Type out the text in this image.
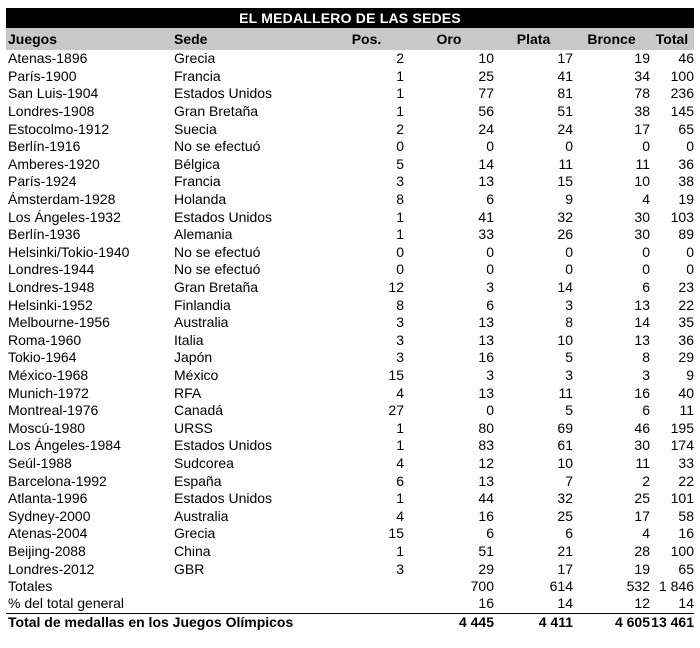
EL MEDALLERO DE LAS SEDES
Juegos	Sede	Pos.	Oro	Plata	Bronce	Total
Atenas-1896	Grecia	2	10	17	19	46
París-1900	Francia	1	25	41	34	100
San Luis-1904	Estados Unidos	1	77	81	78	236
Londres-1908	Gran Bretaña	1	56	51	38	145
Estocolmo-1912	Suecia	2	24	24	17	65
Berlín-1916	No se efectuó	0	0	0	0	0
Amberes-1920	Bélgica	5	14	11	11	36
París-1924	Francia	3	13	15	10	38
Ámsterdam-1928	Holanda	8	6	9	4	19
Los Ángeles-1932	Estados Unidos	1	41	32	30	103
Berlín-1936	Alemania	1	33	26	30	89
Helsinki/Tokio-1940	No se efectuó	0	0	0	0	0
Londres-1944	No se efectuó	0	0	0	0	0
Londres-1948	Gran Bretaña	12	3	14	6	23
Helsinki-1952	Finlandia	8	6	3	13	22
Melbourne-1956	Australia	3	13	8	14	35
Roma-1960	Italia	3	13	10	13	36
Tokio-1964	Japón	3	16	5	8	29
México-1968	México	15	3	3	3	9
Munich-1972	RFA	4	13	11	16	40
Montreal-1976	Canadá	27	0	5	6	11
Moscú-1980	URSS	1	80	69	46	195
Los Ángeles-1984	Estados Unidos	1	83	61	30	174
Seúl-1988	Sudcorea	4	12	10	11	33
Barcelona-1992	España	6	13	7	2	22
Atlanta-1996	Estados Unidos	1	44	32	25	101
Sydney-2000	Australia	4	16	25	17	58
Atenas-2004	Grecia	15	6	6	4	16
Beijing-2088	China	1	51	21	28	100
Londres-2012	GBR	3	29	17	19	65
Totales			700	614	532	1 846
% del total general			16	14	12	14
Total de medallas en los Juegos Olímpicos			4 445	4 411	4 605	13 461
